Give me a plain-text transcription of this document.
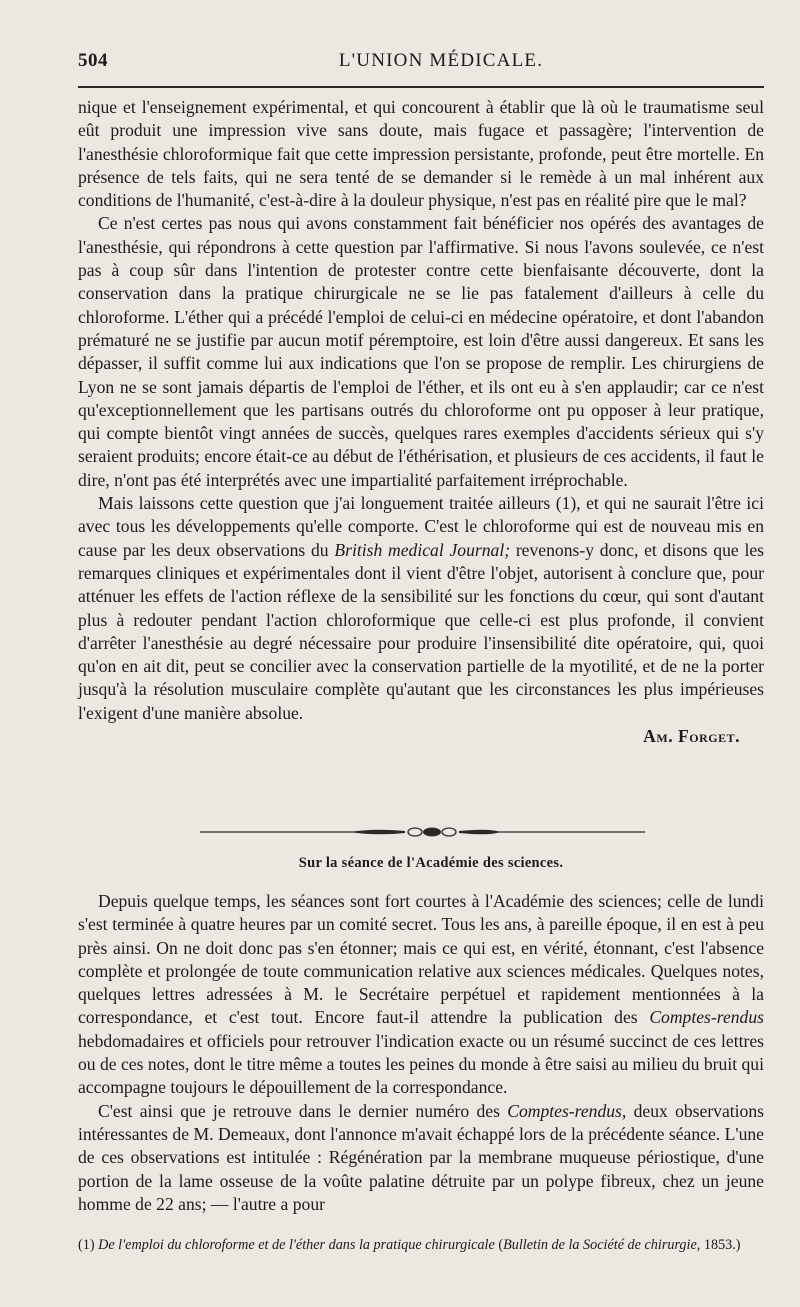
504	L'UNION MÉDICALE.

nique et l'enseignement expérimental, et qui concourent à établir que là où le traumatisme seul eût produit une impression vive sans doute, mais fugace et passagère; l'intervention de l'anesthésie chloroformique fait que cette impression persistante, profonde, peut être mortelle. En présence de tels faits, qui ne sera tenté de se demander si le remède à un mal inhérent aux conditions de l'humanité, c'est-à-dire à la douleur physique, n'est pas en réalité pire que le mal?

Ce n'est certes pas nous qui avons constamment fait bénéficier nos opérés des avantages de l'anesthésie, qui répondrons à cette question par l'affirmative. Si nous l'avons soulevée, ce n'est pas à coup sûr dans l'intention de protester contre cette bienfaisante découverte, dont la conservation dans la pratique chirurgicale ne se lie pas fatalement d'ailleurs à celle du chloroforme. L'éther qui a précédé l'emploi de celui-ci en médecine opératoire, et dont l'abandon prématuré ne se justifie par aucun motif péremptoire, est loin d'être aussi dangereux. Et sans les dépasser, il suffit comme lui aux indications que l'on se propose de remplir. Les chirurgiens de Lyon ne se sont jamais départis de l'emploi de l'éther, et ils ont eu à s'en applaudir; car ce n'est qu'exceptionnellement que les partisans outrés du chloroforme ont pu opposer à leur pratique, qui compte bientôt vingt années de succès, quelques rares exemples d'accidents sérieux qui s'y seraient produits; encore était-ce au début de l'éthérisation, et plusieurs de ces accidents, il faut le dire, n'ont pas été interprétés avec une impartialité parfaitement irréprochable.

Mais laissons cette question que j'ai longuement traitée ailleurs (1), et qui ne saurait l'être ici avec tous les développements qu'elle comporte. C'est le chloroforme qui est de nouveau mis en cause par les deux observations du British medical Journal; revenons-y donc, et disons que les remarques cliniques et expérimentales dont il vient d'être l'objet, autorisent à conclure que, pour atténuer les effets de l'action réflexe de la sensibilité sur les fonctions du cœur, qui sont d'autant plus à redouter pendant l'action chloroformique que celle-ci est plus profonde, il convient d'arrêter l'anesthésie au degré nécessaire pour produire l'insensibilité dite opératoire, qui, quoi qu'on en ait dit, peut se concilier avec la conservation partielle de la myotilité, et de ne la porter jusqu'à la résolution musculaire complète qu'autant que les circonstances les plus impérieuses l'exigent d'une manière absolue.

Am. Forget.

Sur la séance de l'Académie des sciences.

Depuis quelque temps, les séances sont fort courtes à l'Académie des sciences; celle de lundi s'est terminée à quatre heures par un comité secret. Tous les ans, à pareille époque, il en est à peu près ainsi. On ne doit donc pas s'en étonner; mais ce qui est, en vérité, étonnant, c'est l'absence complète et prolongée de toute communication relative aux sciences médicales. Quelques notes, quelques lettres adressées à M. le Secrétaire perpétuel et rapidement mentionnées à la correspondance, et c'est tout. Encore faut-il attendre la publication des Comptes-rendus hebdomadaires et officiels pour retrouver l'indication exacte ou un résumé succinct de ces lettres ou de ces notes, dont le titre même a toutes les peines du monde à être saisi au milieu du bruit qui accompagne toujours le dépouillement de la correspondance.

C'est ainsi que je retrouve dans le dernier numéro des Comptes-rendus, deux observations intéressantes de M. Demeaux, dont l'annonce m'avait échappé lors de la précédente séance. L'une de ces observations est intitulée : Régénération par la membrane muqueuse périostique, d'une portion de la lame osseuse de la voûte palatine détruite par un polype fibreux, chez un jeune homme de 22 ans; — l'autre a pour

(1) De l'emploi du chloroforme et de l'éther dans la pratique chirurgicale (Bulletin de la Société de chirurgie, 1853.)
